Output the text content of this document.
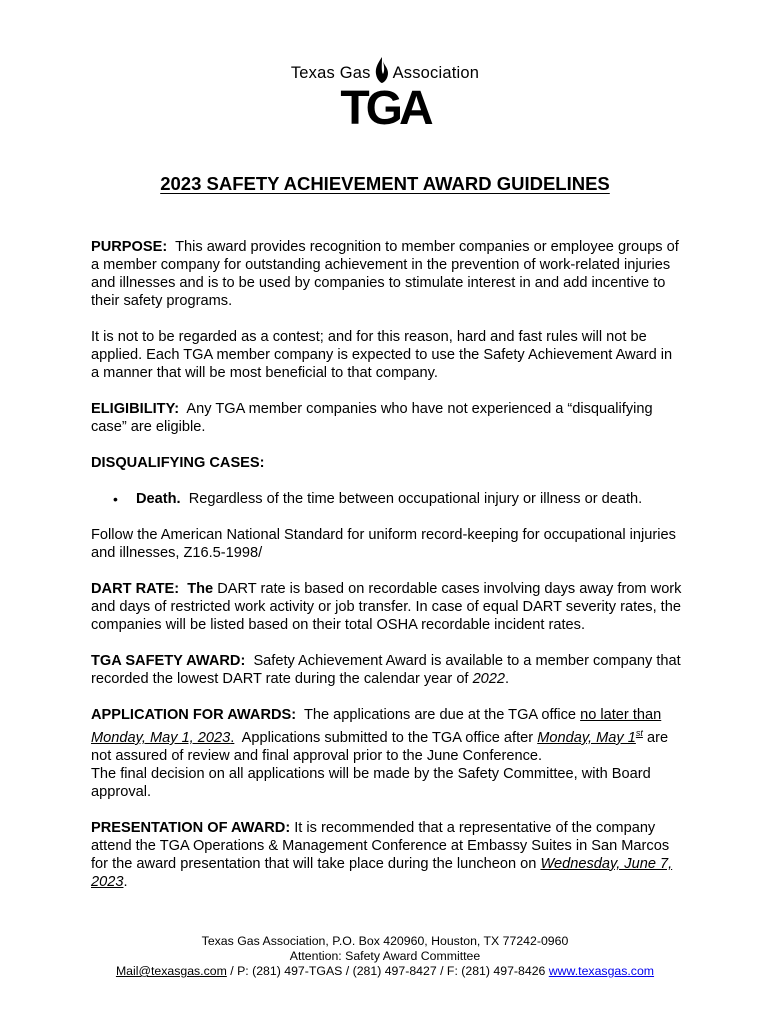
Texas Gas Association
TGA
2023 SAFETY ACHIEVEMENT AWARD GUIDELINES

PURPOSE: This award provides recognition to member companies or employee groups of a member company for outstanding achievement in the prevention of work-related injuries and illnesses and is to be used by companies to stimulate interest in and add incentive to their safety programs.

It is not to be regarded as a contest; and for this reason, hard and fast rules will not be applied. Each TGA member company is expected to use the Safety Achievement Award in a manner that will be most beneficial to that company.

ELIGIBILITY: Any TGA member companies who have not experienced a “disqualifying case” are eligible.

DISQUALIFYING CASES:

•	Death. Regardless of the time between occupational injury or illness or death.

Follow the American National Standard for uniform record-keeping for occupational injuries and illnesses, Z16.5-1998/

DART RATE: The DART rate is based on recordable cases involving days away from work and days of restricted work activity or job transfer. In case of equal DART severity rates, the companies will be listed based on their total OSHA recordable incident rates.

TGA SAFETY AWARD: Safety Achievement Award is available to a member company that recorded the lowest DART rate during the calendar year of 2022.

APPLICATION FOR AWARDS: The applications are due at the TGA office no later than Monday, May 1, 2023. Applications submitted to the TGA office after Monday, May 1st are not assured of review and final approval prior to the June Conference.
The final decision on all applications will be made by the Safety Committee, with Board approval.

PRESENTATION OF AWARD: It is recommended that a representative of the company attend the TGA Operations & Management Conference at Embassy Suites in San Marcos for the award presentation that will take place during the luncheon on Wednesday, June 7, 2023.

Texas Gas Association, P.O. Box 420960, Houston, TX 77242-0960
Attention: Safety Award Committee
Mail@texasgas.com / P: (281) 497-TGAS / (281) 497-8427 / F: (281) 497-8426 www.texasgas.com
